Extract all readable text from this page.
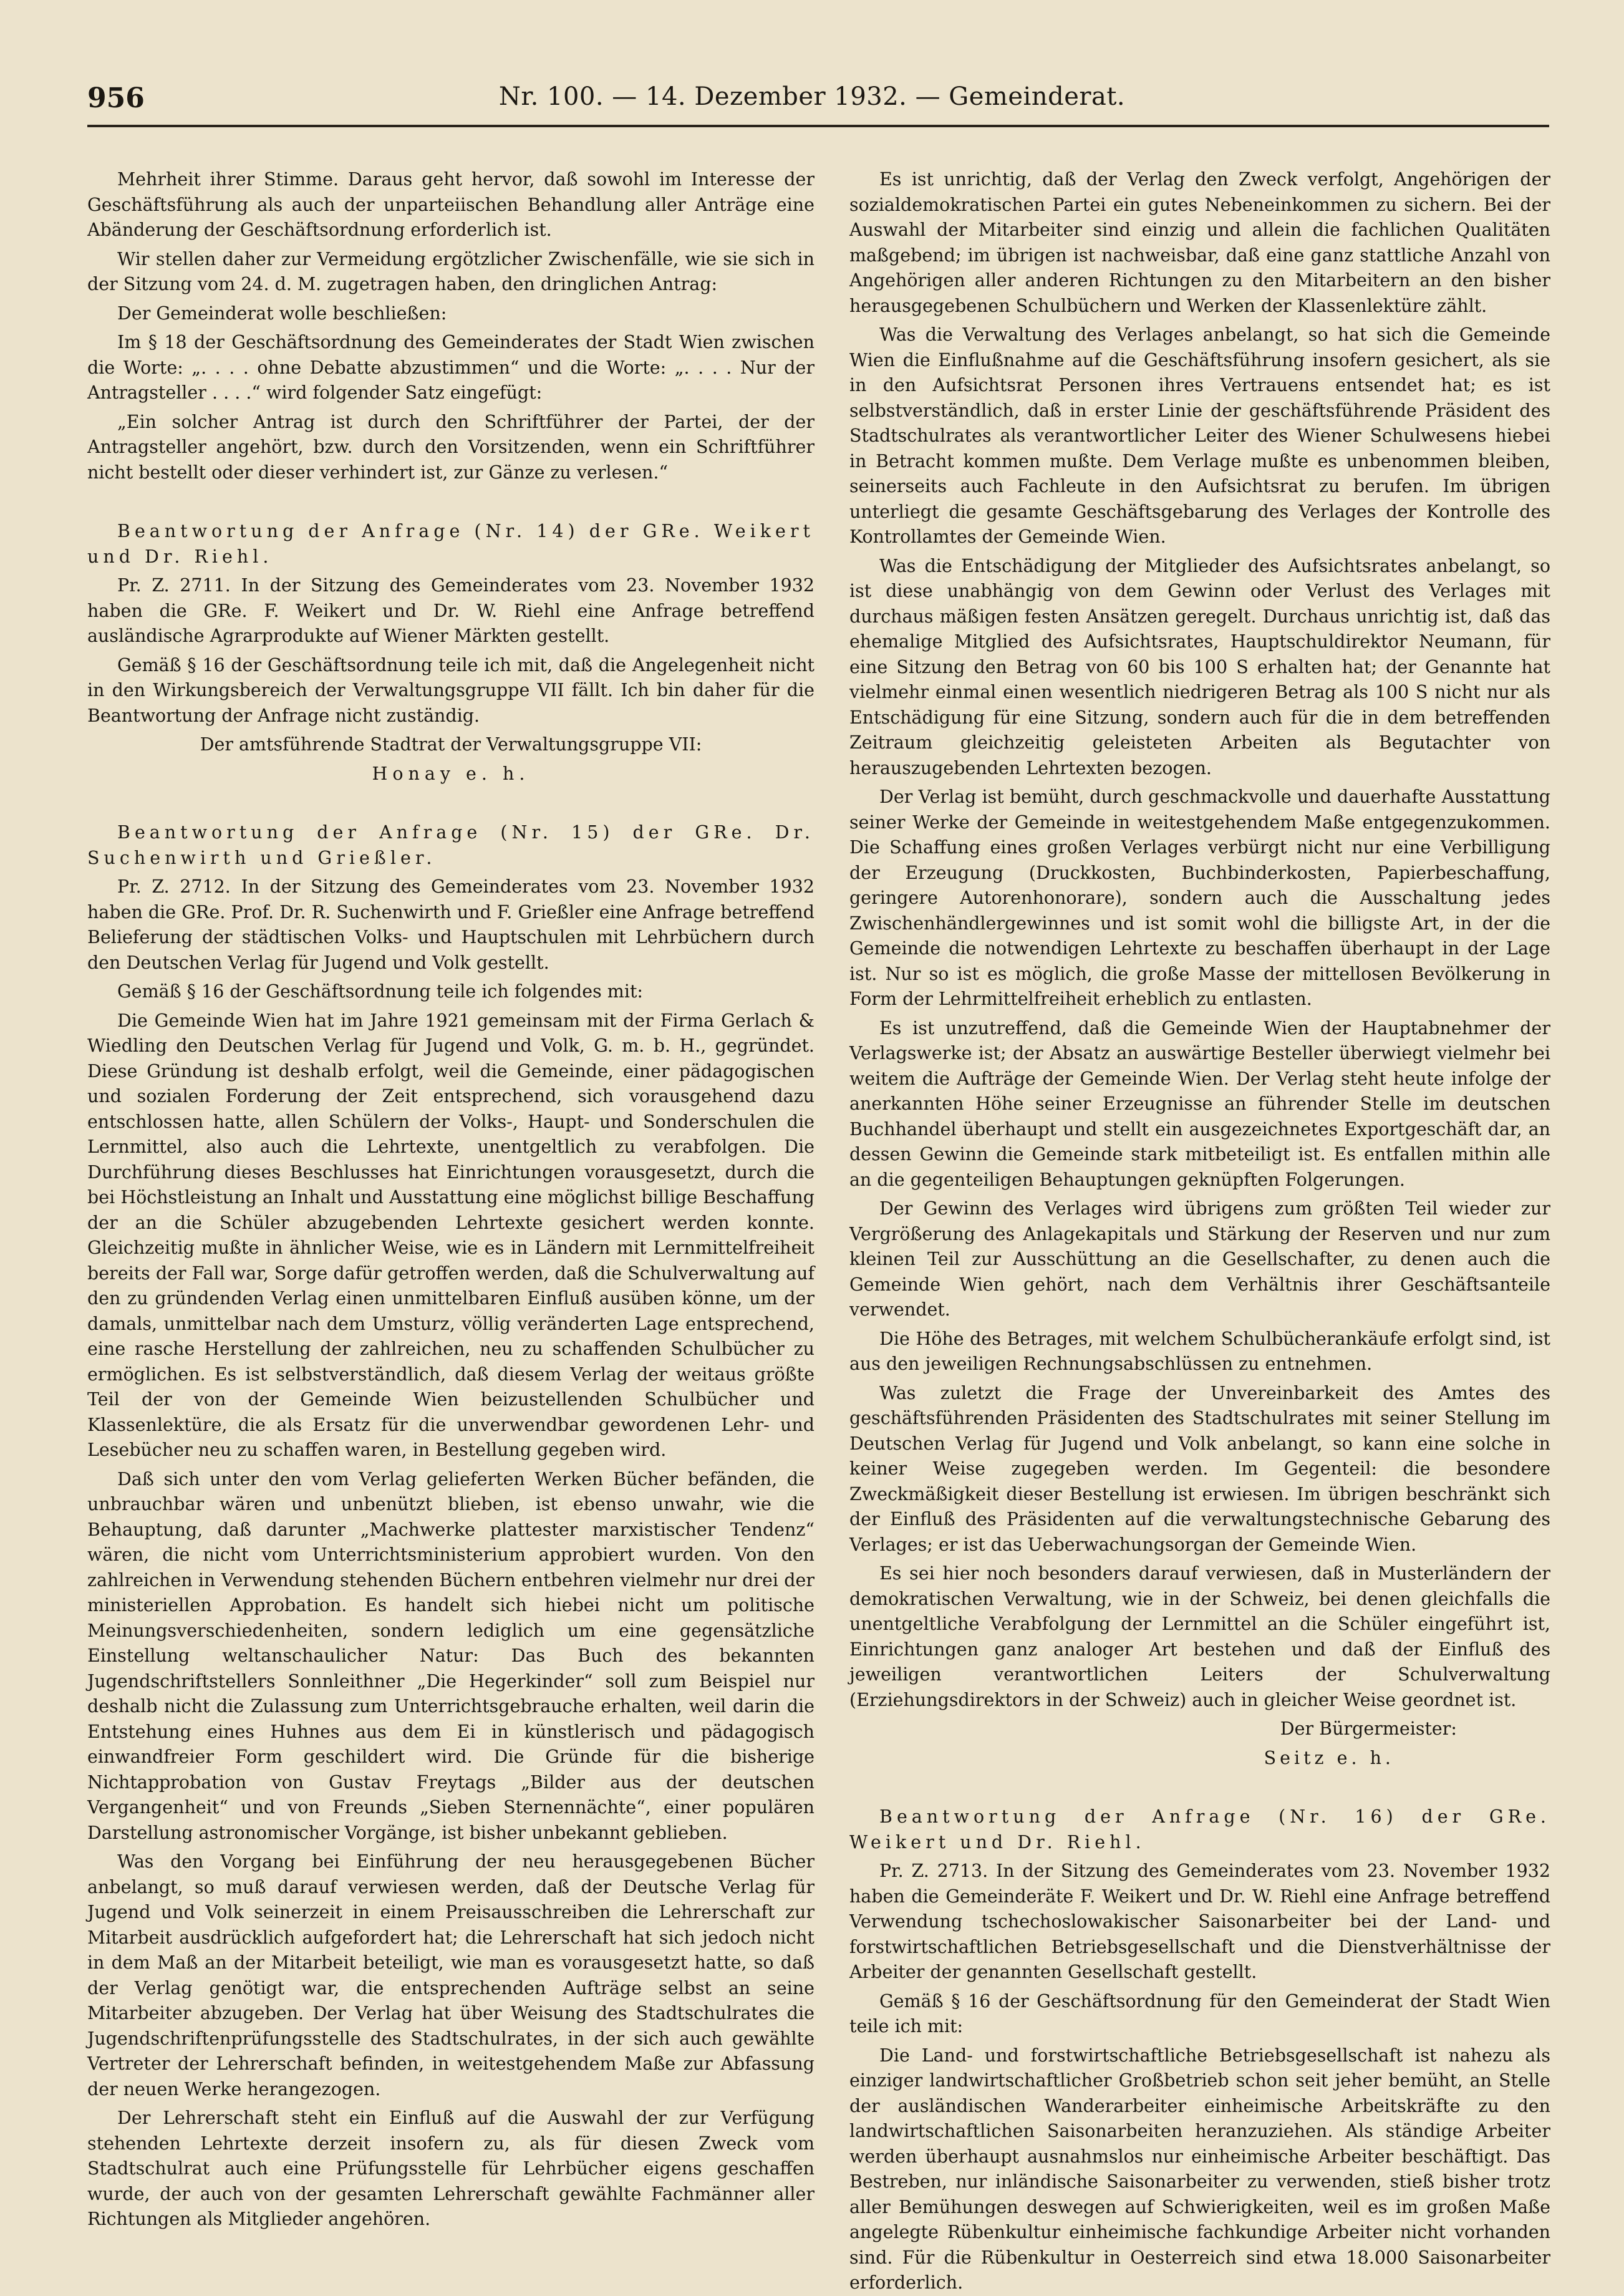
956	Nr. 100. — 14. Dezember 1932. — Gemeinderat.

Mehrheit ihrer Stimme. Daraus geht hervor, daß sowohl im Interesse der Geschäftsführung als auch der unparteiischen Behandlung aller Anträge eine Abänderung der Geschäftsordnung erforderlich ist.

Wir stellen daher zur Vermeidung ergötzlicher Zwischenfälle, wie sie sich in der Sitzung vom 24. d. M. zugetragen haben, den dringlichen Antrag:

Der Gemeinderat wolle beschließen:

Im § 18 der Geschäftsordnung des Gemeinderates der Stadt Wien zwischen die Worte: „. . . . ohne Debatte abzustimmen“ und die Worte: „. . . . Nur der Antragsteller . . . .“ wird folgender Satz eingefügt:

„Ein solcher Antrag ist durch den Schriftführer der Partei, der der Antragsteller angehört, bzw. durch den Vorsitzenden, wenn ein Schriftführer nicht bestellt oder dieser verhindert ist, zur Gänze zu verlesen.“

Beantwortung der Anfrage (Nr. 14) der GRe. Weikert und Dr. Riehl.

Pr. Z. 2711. In der Sitzung des Gemeinderates vom 23. November 1932 haben die GRe. F. Weikert und Dr. W. Riehl eine Anfrage betreffend ausländische Agrarprodukte auf Wiener Märkten gestellt.

Gemäß § 16 der Geschäftsordnung teile ich mit, daß die Angelegenheit nicht in den Wirkungsbereich der Verwaltungsgruppe VII fällt. Ich bin daher für die Beantwortung der Anfrage nicht zuständig.

Der amtsführende Stadtrat der Verwaltungsgruppe VII:

Honay e. h.

Beantwortung der Anfrage (Nr. 15) der GRe. Dr. Suchenwirth und Grießler.

Pr. Z. 2712. In der Sitzung des Gemeinderates vom 23. November 1932 haben die GRe. Prof. Dr. R. Suchenwirth und F. Grießler eine Anfrage betreffend Belieferung der städtischen Volks- und Hauptschulen mit Lehrbüchern durch den Deutschen Verlag für Jugend und Volk gestellt.

Gemäß § 16 der Geschäftsordnung teile ich folgendes mit:

Die Gemeinde Wien hat im Jahre 1921 gemeinsam mit der Firma Gerlach & Wiedling den Deutschen Verlag für Jugend und Volk, G. m. b. H., gegründet. Diese Gründung ist deshalb erfolgt, weil die Gemeinde, einer pädagogischen und sozialen Forderung der Zeit entsprechend, sich vorausgehend dazu entschlossen hatte, allen Schülern der Volks-, Haupt- und Sonderschulen die Lernmittel, also auch die Lehrtexte, unentgeltlich zu verabfolgen. Die Durchführung dieses Beschlusses hat Einrichtungen vorausgesetzt, durch die bei Höchstleistung an Inhalt und Ausstattung eine möglichst billige Beschaffung der an die Schüler abzugebenden Lehrtexte gesichert werden konnte. Gleichzeitig mußte in ähnlicher Weise, wie es in Ländern mit Lernmittelfreiheit bereits der Fall war, Sorge dafür getroffen werden, daß die Schulverwaltung auf den zu gründenden Verlag einen unmittelbaren Einfluß ausüben könne, um der damals, unmittelbar nach dem Umsturz, völlig veränderten Lage entsprechend, eine rasche Herstellung der zahlreichen, neu zu schaffenden Schulbücher zu ermöglichen. Es ist selbstverständlich, daß diesem Verlag der weitaus größte Teil der von der Gemeinde Wien beizustellenden Schulbücher und Klassenlektüre, die als Ersatz für die unverwendbar gewordenen Lehr- und Lesebücher neu zu schaffen waren, in Bestellung gegeben wird.

Daß sich unter den vom Verlag gelieferten Werken Bücher befänden, die unbrauchbar wären und unbenützt blieben, ist ebenso unwahr, wie die Behauptung, daß darunter „Machwerke plattester marxistischer Tendenz“ wären, die nicht vom Unterrichtsministerium approbiert wurden. Von den zahlreichen in Verwendung stehenden Büchern entbehren vielmehr nur drei der ministeriellen Approbation. Es handelt sich hiebei nicht um politische Meinungsverschiedenheiten, sondern lediglich um eine gegensätzliche Einstellung weltanschaulicher Natur: Das Buch des bekannten Jugendschriftstellers Sonnleithner „Die Hegerkinder“ soll zum Beispiel nur deshalb nicht die Zulassung zum Unterrichtsgebrauche erhalten, weil darin die Entstehung eines Huhnes aus dem Ei in künstlerisch und pädagogisch einwandfreier Form geschildert wird. Die Gründe für die bisherige Nichtapprobation von Gustav Freytags „Bilder aus der deutschen Vergangenheit“ und von Freunds „Sieben Sternennächte“, einer populären Darstellung astronomischer Vorgänge, ist bisher unbekannt geblieben.

Was den Vorgang bei Einführung der neu herausgegebenen Bücher anbelangt, so muß darauf verwiesen werden, daß der Deutsche Verlag für Jugend und Volk seinerzeit in einem Preisausschreiben die Lehrerschaft zur Mitarbeit ausdrücklich aufgefordert hat; die Lehrerschaft hat sich jedoch nicht in dem Maß an der Mitarbeit beteiligt, wie man es vorausgesetzt hatte, so daß der Verlag genötigt war, die entsprechenden Aufträge selbst an seine Mitarbeiter abzugeben. Der Verlag hat über Weisung des Stadtschulrates die Jugendschriftenprüfungsstelle des Stadtschulrates, in der sich auch gewählte Vertreter der Lehrerschaft befinden, in weitestgehendem Maße zur Abfassung der neuen Werke herangezogen.

Der Lehrerschaft steht ein Einfluß auf die Auswahl der zur Verfügung stehenden Lehrtexte derzeit insofern zu, als für diesen Zweck vom Stadtschulrat auch eine Prüfungsstelle für Lehrbücher eigens geschaffen wurde, der auch von der gesamten Lehrerschaft gewählte Fachmänner aller Richtungen als Mitglieder angehören.

Es ist unrichtig, daß der Verlag den Zweck verfolgt, Angehörigen der sozialdemokratischen Partei ein gutes Nebeneinkommen zu sichern. Bei der Auswahl der Mitarbeiter sind einzig und allein die fachlichen Qualitäten maßgebend; im übrigen ist nachweisbar, daß eine ganz stattliche Anzahl von Angehörigen aller anderen Richtungen zu den Mitarbeitern an den bisher herausgegebenen Schulbüchern und Werken der Klassenlektüre zählt.

Was die Verwaltung des Verlages anbelangt, so hat sich die Gemeinde Wien die Einflußnahme auf die Geschäftsführung insofern gesichert, als sie in den Aufsichtsrat Personen ihres Vertrauens entsendet hat; es ist selbstverständlich, daß in erster Linie der geschäftsführende Präsident des Stadtschulrates als verantwortlicher Leiter des Wiener Schulwesens hiebei in Betracht kommen mußte. Dem Verlage mußte es unbenommen bleiben, seinerseits auch Fachleute in den Aufsichtsrat zu berufen. Im übrigen unterliegt die gesamte Geschäftsgebarung des Verlages der Kontrolle des Kontrollamtes der Gemeinde Wien.

Was die Entschädigung der Mitglieder des Aufsichtsrates anbelangt, so ist diese unabhängig von dem Gewinn oder Verlust des Verlages mit durchaus mäßigen festen Ansätzen geregelt. Durchaus unrichtig ist, daß das ehemalige Mitglied des Aufsichtsrates, Hauptschuldirektor Neumann, für eine Sitzung den Betrag von 60 bis 100 S erhalten hat; der Genannte hat vielmehr einmal einen wesentlich niedrigeren Betrag als 100 S nicht nur als Entschädigung für eine Sitzung, sondern auch für die in dem betreffenden Zeitraum gleichzeitig geleisteten Arbeiten als Begutachter von herauszugebenden Lehrtexten bezogen.

Der Verlag ist bemüht, durch geschmackvolle und dauerhafte Ausstattung seiner Werke der Gemeinde in weitestgehendem Maße entgegenzukommen. Die Schaffung eines großen Verlages verbürgt nicht nur eine Verbilligung der Erzeugung (Druckkosten, Buchbinderkosten, Papierbeschaffung, geringere Autorenhonorare), sondern auch die Ausschaltung jedes Zwischenhändlergewinnes und ist somit wohl die billigste Art, in der die Gemeinde die notwendigen Lehrtexte zu beschaffen überhaupt in der Lage ist. Nur so ist es möglich, die große Masse der mittellosen Bevölkerung in Form der Lehrmittelfreiheit erheblich zu entlasten.

Es ist unzutreffend, daß die Gemeinde Wien der Hauptabnehmer der Verlagswerke ist; der Absatz an auswärtige Besteller überwiegt vielmehr bei weitem die Aufträge der Gemeinde Wien. Der Verlag steht heute infolge der anerkannten Höhe seiner Erzeugnisse an führender Stelle im deutschen Buchhandel überhaupt und stellt ein ausgezeichnetes Exportgeschäft dar, an dessen Gewinn die Gemeinde stark mitbeteiligt ist. Es entfallen mithin alle an die gegenteiligen Behauptungen geknüpften Folgerungen.

Der Gewinn des Verlages wird übrigens zum größten Teil wieder zur Vergrößerung des Anlagekapitals und Stärkung der Reserven und nur zum kleinen Teil zur Ausschüttung an die Gesellschafter, zu denen auch die Gemeinde Wien gehört, nach dem Verhältnis ihrer Geschäftsanteile verwendet.

Die Höhe des Betrages, mit welchem Schulbücherankäufe erfolgt sind, ist aus den jeweiligen Rechnungsabschlüssen zu entnehmen.

Was zuletzt die Frage der Unvereinbarkeit des Amtes des geschäftsführenden Präsidenten des Stadtschulrates mit seiner Stellung im Deutschen Verlag für Jugend und Volk anbelangt, so kann eine solche in keiner Weise zugegeben werden. Im Gegenteil: die besondere Zweckmäßigkeit dieser Bestellung ist erwiesen. Im übrigen beschränkt sich der Einfluß des Präsidenten auf die verwaltungstechnische Gebarung des Verlages; er ist das Ueberwachungsorgan der Gemeinde Wien.

Es sei hier noch besonders darauf verwiesen, daß in Musterländern der demokratischen Verwaltung, wie in der Schweiz, bei denen gleichfalls die unentgeltliche Verabfolgung der Lernmittel an die Schüler eingeführt ist, Einrichtungen ganz analoger Art bestehen und daß der Einfluß des jeweiligen verantwortlichen Leiters der Schulverwaltung (Erziehungsdirektors in der Schweiz) auch in gleicher Weise geordnet ist.

Der Bürgermeister:

Seitz e. h.

Beantwortung der Anfrage (Nr. 16) der GRe. Weikert und Dr. Riehl.

Pr. Z. 2713. In der Sitzung des Gemeinderates vom 23. November 1932 haben die Gemeinderäte F. Weikert und Dr. W. Riehl eine Anfrage betreffend Verwendung tschechoslowakischer Saisonarbeiter bei der Land- und forstwirtschaftlichen Betriebsgesellschaft und die Dienstverhältnisse der Arbeiter der genannten Gesellschaft gestellt.

Gemäß § 16 der Geschäftsordnung für den Gemeinderat der Stadt Wien teile ich mit:

Die Land- und forstwirtschaftliche Betriebsgesellschaft ist nahezu als einziger landwirtschaftlicher Großbetrieb schon seit jeher bemüht, an Stelle der ausländischen Wanderarbeiter einheimische Arbeitskräfte zu den landwirtschaftlichen Saisonarbeiten heranzuziehen. Als ständige Arbeiter werden überhaupt ausnahmslos nur einheimische Arbeiter beschäftigt. Das Bestreben, nur inländische Saisonarbeiter zu verwenden, stieß bisher trotz aller Bemühungen deswegen auf Schwierigkeiten, weil es im großen Maße angelegte Rübenkultur einheimische fachkundige Arbeiter nicht vorhanden sind. Für die Rübenkultur in Oesterreich sind etwa 18.000 Saisonarbeiter erforderlich.
